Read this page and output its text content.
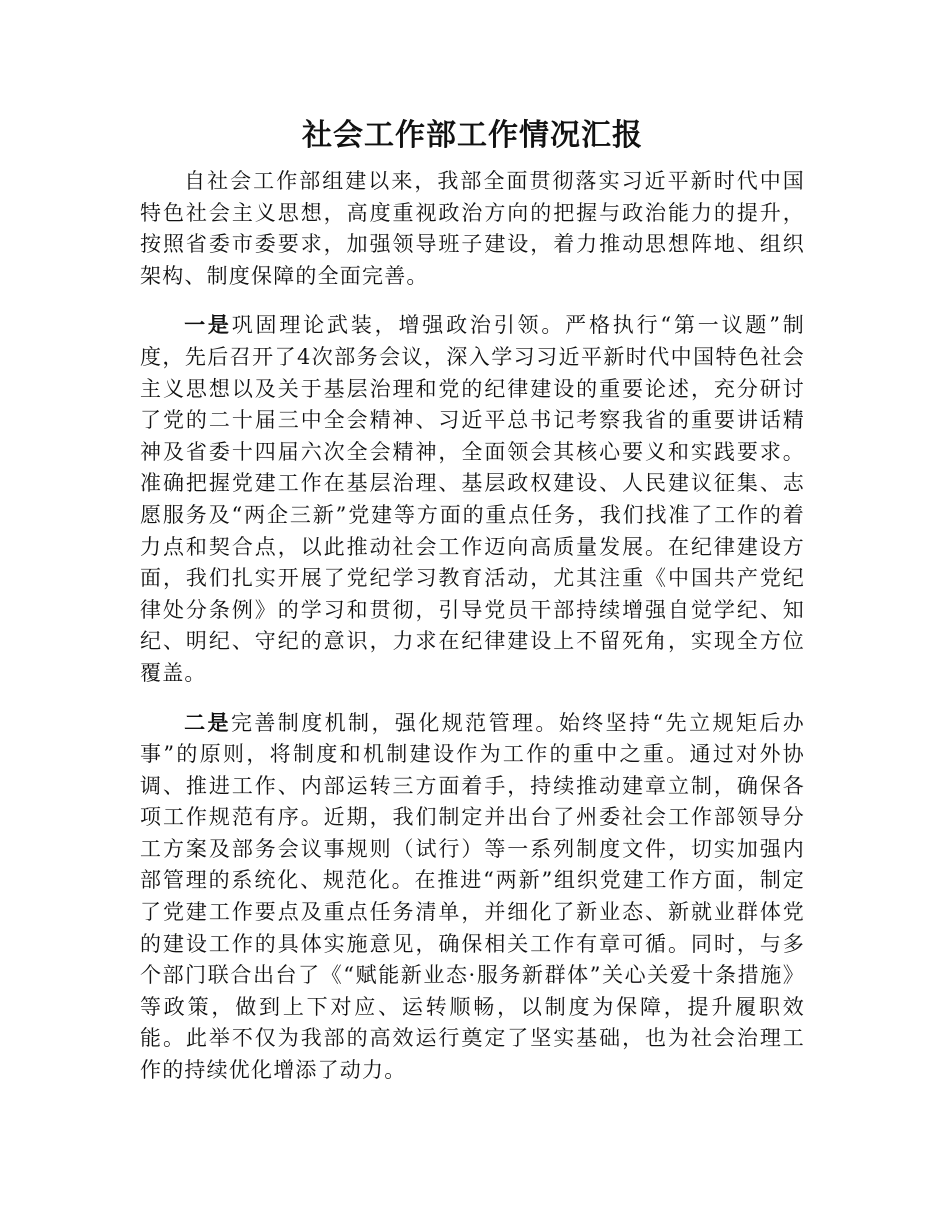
社会工作部工作情况汇报

自社会工作部组建以来，我部全面贯彻落实习近平新时代中国特色社会主义思想，高度重视政治方向的把握与政治能力的提升，按照省委市委要求，加强领导班子建设，着力推动思想阵地、组织架构、制度保障的全面完善。

一是巩固理论武装，增强政治引领。严格执行“第一议题”制度，先后召开了4次部务会议，深入学习习近平新时代中国特色社会主义思想以及关于基层治理和党的纪律建设的重要论述，充分研讨了党的二十届三中全会精神、习近平总书记考察我省的重要讲话精神及省委十四届六次全会精神，全面领会其核心要义和实践要求。准确把握党建工作在基层治理、基层政权建设、人民建议征集、志愿服务及“两企三新”党建等方面的重点任务，我们找准了工作的着力点和契合点，以此推动社会工作迈向高质量发展。在纪律建设方面，我们扎实开展了党纪学习教育活动，尤其注重《中国共产党纪律处分条例》的学习和贯彻，引导党员干部持续增强自觉学纪、知纪、明纪、守纪的意识，力求在纪律建设上不留死角，实现全方位覆盖。

二是完善制度机制，强化规范管理。始终坚持“先立规矩后办事”的原则，将制度和机制建设作为工作的重中之重。通过对外协调、推进工作、内部运转三方面着手，持续推动建章立制，确保各项工作规范有序。近期，我们制定并出台了州委社会工作部领导分工方案及部务会议事规则（试行）等一系列制度文件，切实加强内部管理的系统化、规范化。在推进“两新”组织党建工作方面，制定了党建工作要点及重点任务清单，并细化了新业态、新就业群体党的建设工作的具体实施意见，确保相关工作有章可循。同时，与多个部门联合出台了《“赋能新业态·服务新群体”关心关爱十条措施》等政策，做到上下对应、运转顺畅，以制度为保障，提升履职效能。此举不仅为我部的高效运行奠定了坚实基础，也为社会治理工作的持续优化增添了动力。
